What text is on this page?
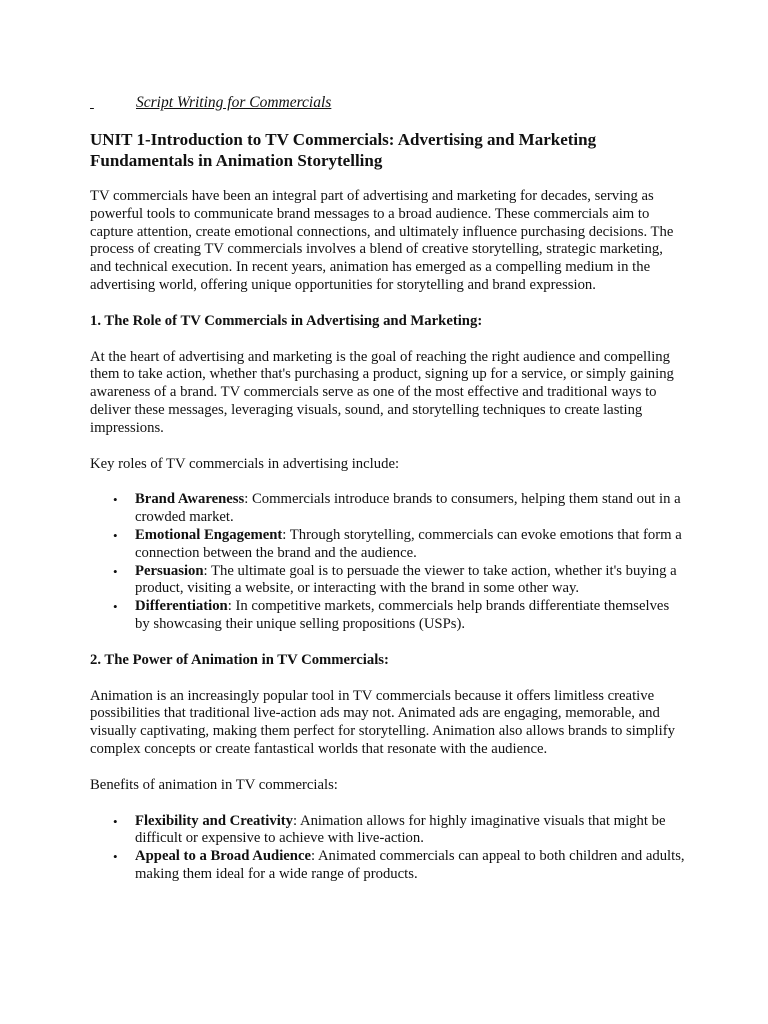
Script Writing for Commercials

UNIT 1-Introduction to TV Commercials: Advertising and Marketing Fundamentals in Animation Storytelling

TV commercials have been an integral part of advertising and marketing for decades, serving as powerful tools to communicate brand messages to a broad audience. These commercials aim to capture attention, create emotional connections, and ultimately influence purchasing decisions. The process of creating TV commercials involves a blend of creative storytelling, strategic marketing, and technical execution. In recent years, animation has emerged as a compelling medium in the advertising world, offering unique opportunities for storytelling and brand expression.

1. The Role of TV Commercials in Advertising and Marketing:

At the heart of advertising and marketing is the goal of reaching the right audience and compelling them to take action, whether that's purchasing a product, signing up for a service, or simply gaining awareness of a brand. TV commercials serve as one of the most effective and traditional ways to deliver these messages, leveraging visuals, sound, and storytelling techniques to create lasting impressions.

Key roles of TV commercials in advertising include:

• Brand Awareness: Commercials introduce brands to consumers, helping them stand out in a crowded market.
• Emotional Engagement: Through storytelling, commercials can evoke emotions that form a connection between the brand and the audience.
• Persuasion: The ultimate goal is to persuade the viewer to take action, whether it's buying a product, visiting a website, or interacting with the brand in some other way.
• Differentiation: In competitive markets, commercials help brands differentiate themselves by showcasing their unique selling propositions (USPs).

2. The Power of Animation in TV Commercials:

Animation is an increasingly popular tool in TV commercials because it offers limitless creative possibilities that traditional live-action ads may not. Animated ads are engaging, memorable, and visually captivating, making them perfect for storytelling. Animation also allows brands to simplify complex concepts or create fantastical worlds that resonate with the audience.

Benefits of animation in TV commercials:

• Flexibility and Creativity: Animation allows for highly imaginative visuals that might be difficult or expensive to achieve with live-action.
• Appeal to a Broad Audience: Animated commercials can appeal to both children and adults, making them ideal for a wide range of products.
